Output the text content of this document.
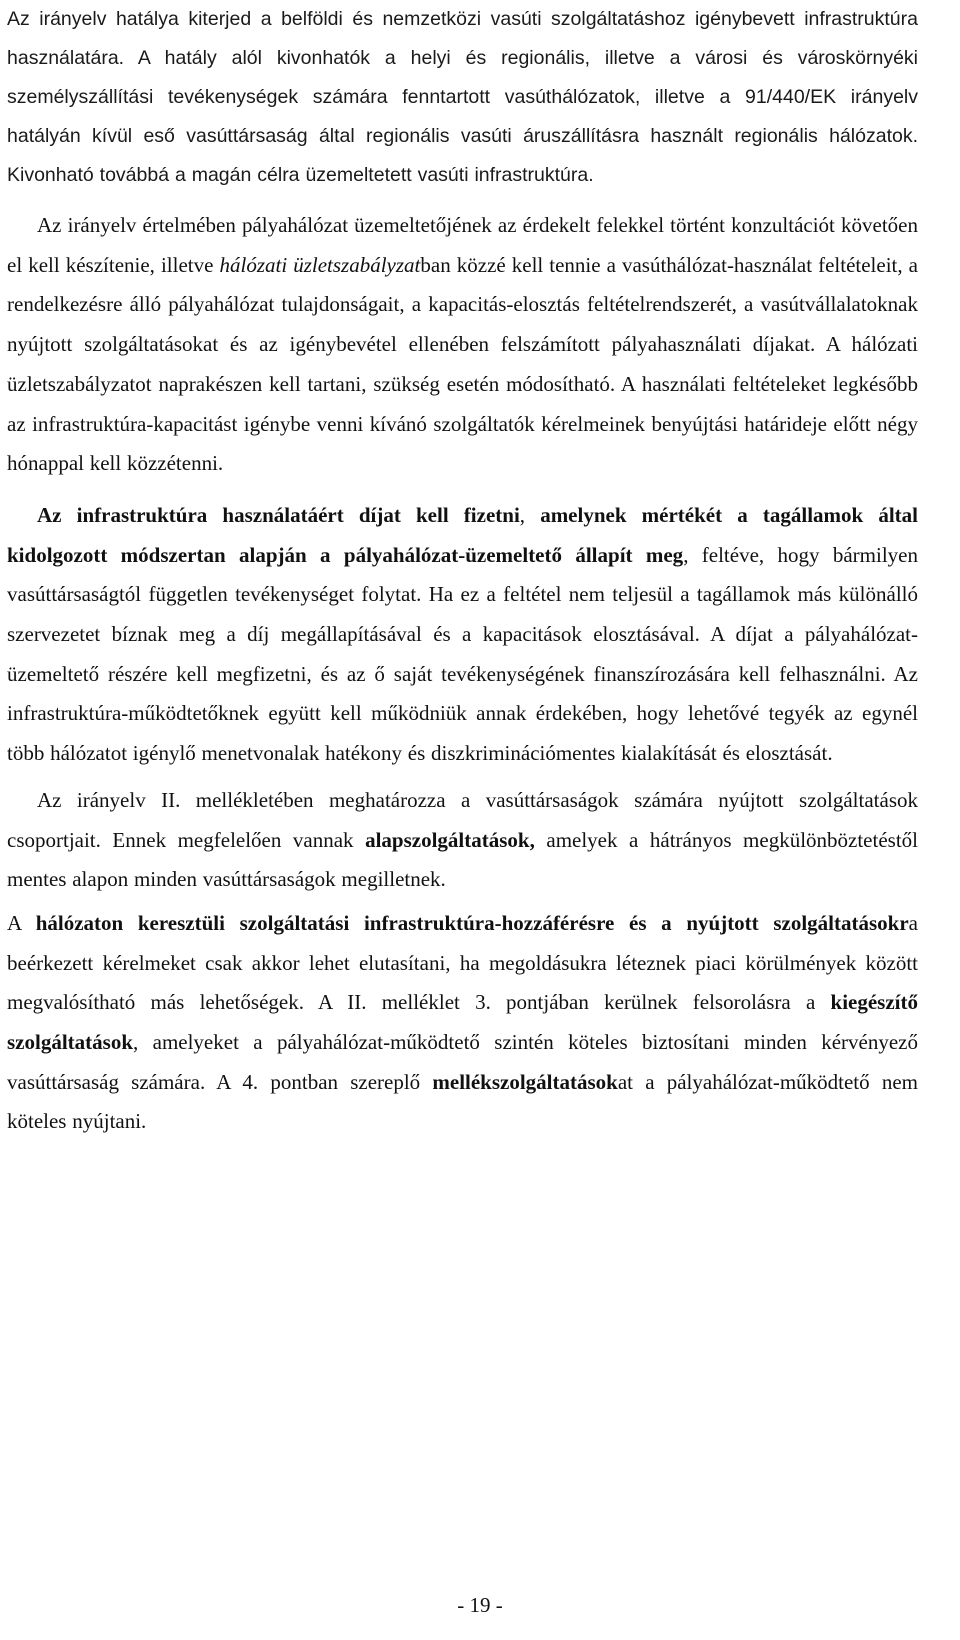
Az irányelv hatálya kiterjed a belföldi és nemzetközi vasúti szolgáltatáshoz igénybevett infrastruktúra használatára. A hatály alól kivonhatók a helyi és regionális, illetve a városi és városkörnyéki személyszállítási tevékenységek számára fenntartott vasúthálózatok, illetve a 91/440/EK irányelv hatályán kívül eső vasúttársaság által regionális vasúti áruszállításra használt regionális hálózatok. Kivonható továbbá a magán célra üzemeltetett vasúti infrastruktúra.

Az irányelv értelmében pályahálózat üzemeltetőjének az érdekelt felekkel történt konzultációt követően el kell készítenie, illetve hálózati üzletszabályzatban közzé kell tennie a vasúthálózat-használat feltételeit, a rendelkezésre álló pályahálózat tulajdonságait, a kapacitás-elosztás feltételrendszerét, a vasútvállalatoknak nyújtott szolgáltatásokat és az igénybevétel ellenében felszámított pályahasználati díjakat. A hálózati üzletszabályzatot naprakészen kell tartani, szükség esetén módosítható. A használati feltételeket legkésőbb az infrastruktúra-kapacitást igénybe venni kívánó szolgáltatók kérelmeinek benyújtási határideje előtt négy hónappal kell közzétenni.

Az infrastruktúra használatáért díjat kell fizetni, amelynek mértékét a tagállamok által kidolgozott módszertan alapján a pályahálózat-üzemeltető állapít meg, feltéve, hogy bármilyen vasúttársaságtól független tevékenységet folytat. Ha ez a feltétel nem teljesül a tagállamok más különálló szervezetet bíznak meg a díj megállapításával és a kapacitások elosztásával. A díjat a pályahálózat-üzemeltető részére kell megfizetni, és az ő saját tevékenységének finanszírozására kell felhasználni. Az infrastruktúra-működtetőknek együtt kell működniük annak érdekében, hogy lehetővé tegyék az egynél több hálózatot igénylő menetvonalak hatékony és diszkriminációmentes kialakítását és elosztását.

Az irányelv II. mellékletében meghatározza a vasúttársaságok számára nyújtott szolgáltatások csoportjait. Ennek megfelelően vannak alapszolgáltatások, amelyek a hátrányos megkülönböztetéstől mentes alapon minden vasúttársaságok megilletnek.

A hálózaton keresztüli szolgáltatási infrastruktúra-hozzáférésre és a nyújtott szolgáltatásokra beérkezett kérelmeket csak akkor lehet elutasítani, ha megoldásukra léteznek piaci körülmények között megvalósítható más lehetőségek. A II. melléklet 3. pontjában kerülnek felsorolásra a kiegészítő szolgáltatások, amelyeket a pályahálózat-működtető szintén köteles biztosítani minden kérvényező vasúttársaság számára. A 4. pontban szereplő mellékszolgáltatásokat a pályahálózat-működtető nem köteles nyújtani.

- 19 -
